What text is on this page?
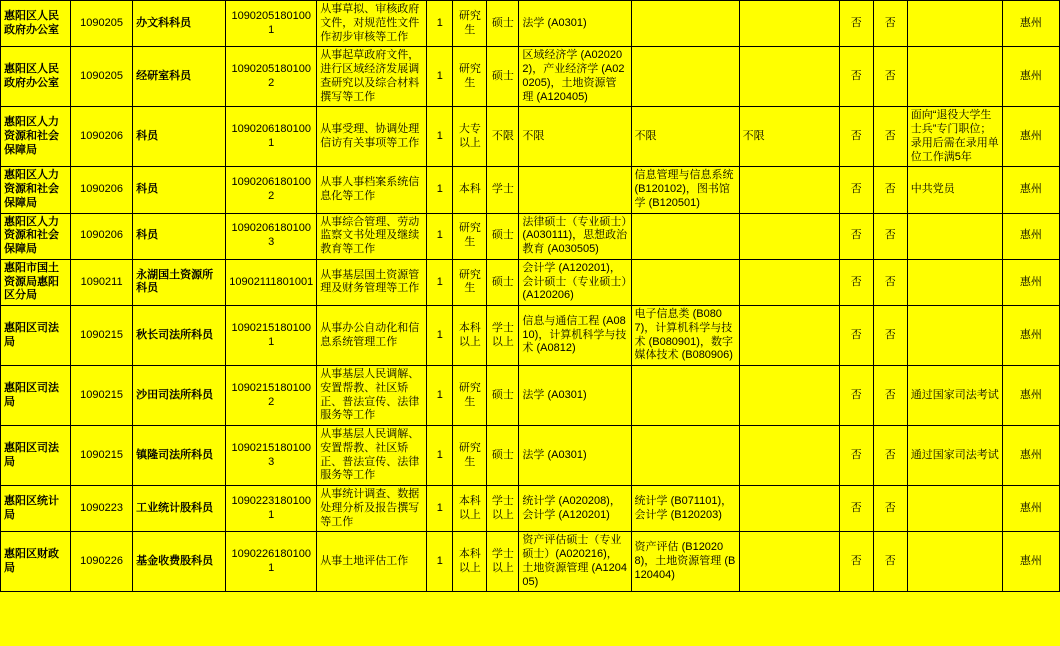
惠阳区人民政府办公室	1090205	办文科科员	10902051801001	从事草拟、审核政府文件，对规范性文件作初步审核等工作	1	研究生	硕士	法学 (A0301)			否	否		惠州
惠阳区人民政府办公室	1090205	经研室科员	10902051801002	从事起草政府文件，进行区域经济发展调查研究以及综合材料撰写等工作	1	研究生	硕士	区域经济学 (A020202)，产业经济学 (A020205)，土地资源管理 (A120405)			否	否		惠州
惠阳区人力资源和社会保障局	1090206	科员	10902061801001	从事受理、协调处理信访有关事项等工作	1	大专以上	不限	不限	不限	不限	否	否	面向“退役大学生士兵”专门职位；录用后需在录用单位工作满5年	惠州
惠阳区人力资源和社会保障局	1090206	科员	10902061801002	从事人事档案系统信息化等工作	1	本科	学士		信息管理与信息系统 (B120102)，图书馆学 (B120501)		否	否	中共党员	惠州
惠阳区人力资源和社会保障局	1090206	科员	10902061801003	从事综合管理、劳动监察文书处理及继续教育等工作	1	研究生	硕士	法律硕士（专业硕士）(A030111)，思想政治教育 (A030505)			否	否		惠州
惠阳市国土资源局惠阳区分局	1090211	永湖国土资源所科员	10902111801001	从事基层国土资源管理及财务管理等工作	1	研究生	硕士	会计学 (A120201)，会计硕士（专业硕士）(A120206)			否	否		惠州
惠阳区司法局	1090215	秋长司法所科员	10902151801001	从事办公自动化和信息系统管理工作	1	本科以上	学士以上	信息与通信工程 (A0810)，计算机科学与技术 (A0812)	电子信息类 (B0807)，计算机科学与技术 (B080901)，数字媒体技术 (B080906)		否	否		惠州
惠阳区司法局	1090215	沙田司法所科员	10902151801002	从事基层人民调解、安置帮教、社区矫正、普法宣传、法律服务等工作	1	研究生	硕士	法学 (A0301)			否	否	通过国家司法考试	惠州
惠阳区司法局	1090215	镇隆司法所科员	10902151801003	从事基层人民调解、安置帮教、社区矫正、普法宣传、法律服务等工作	1	研究生	硕士	法学 (A0301)			否	否	通过国家司法考试	惠州
惠阳区统计局	1090223	工业统计股科员	10902231801001	从事统计调查、数据处理分析及报告撰写等工作	1	本科以上	学士以上	统计学 (A020208)，会计学 (A120201)	统计学 (B071101)，会计学 (B120203)		否	否		惠州
惠阳区财政局	1090226	基金收费股科员	10902261801001	从事土地评估工作	1	本科以上	学士以上	资产评估硕士（专业硕士）(A020216)，土地资源管理 (A120405)	资产评估 (B120208)，土地资源管理 (B120404)		否	否		惠州
